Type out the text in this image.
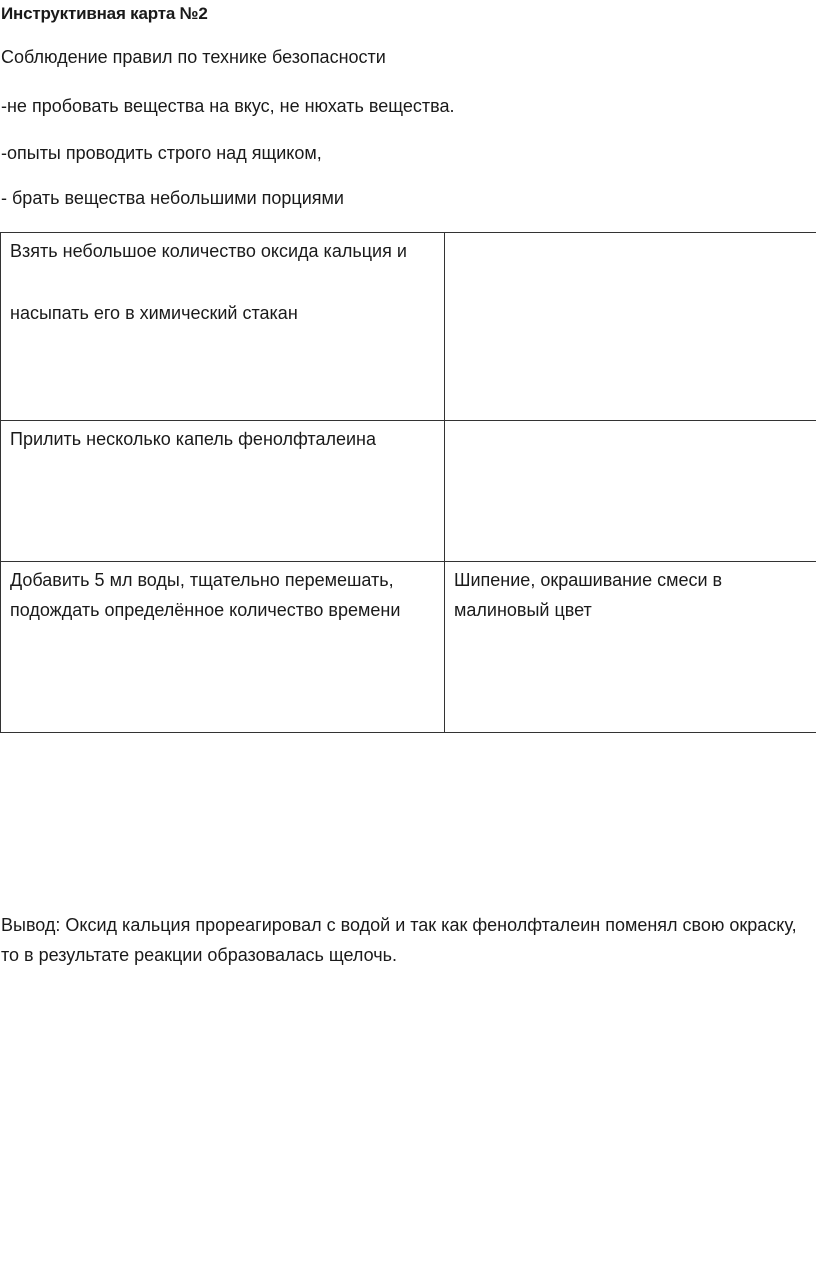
Инструктивная карта №2
Соблюдение правил по технике безопасности
-не пробовать вещества на вкус, не нюхать вещества.
-опыты проводить строго над ящиком,
- брать вещества небольшими порциями
Взять небольшое количество оксида кальция и
насыпать его в химический стакан	

Прилить несколько капель фенолфталеина	
Добавить 5 мл воды, тщательно перемешать, подождать определённое количество времени	Шипение, окрашивание смеси в малиновый цвет
Вывод: Оксид кальция прореагировал с водой и так как фенолфталеин поменял свою окраску, то в результате реакции образовалась щелочь.
